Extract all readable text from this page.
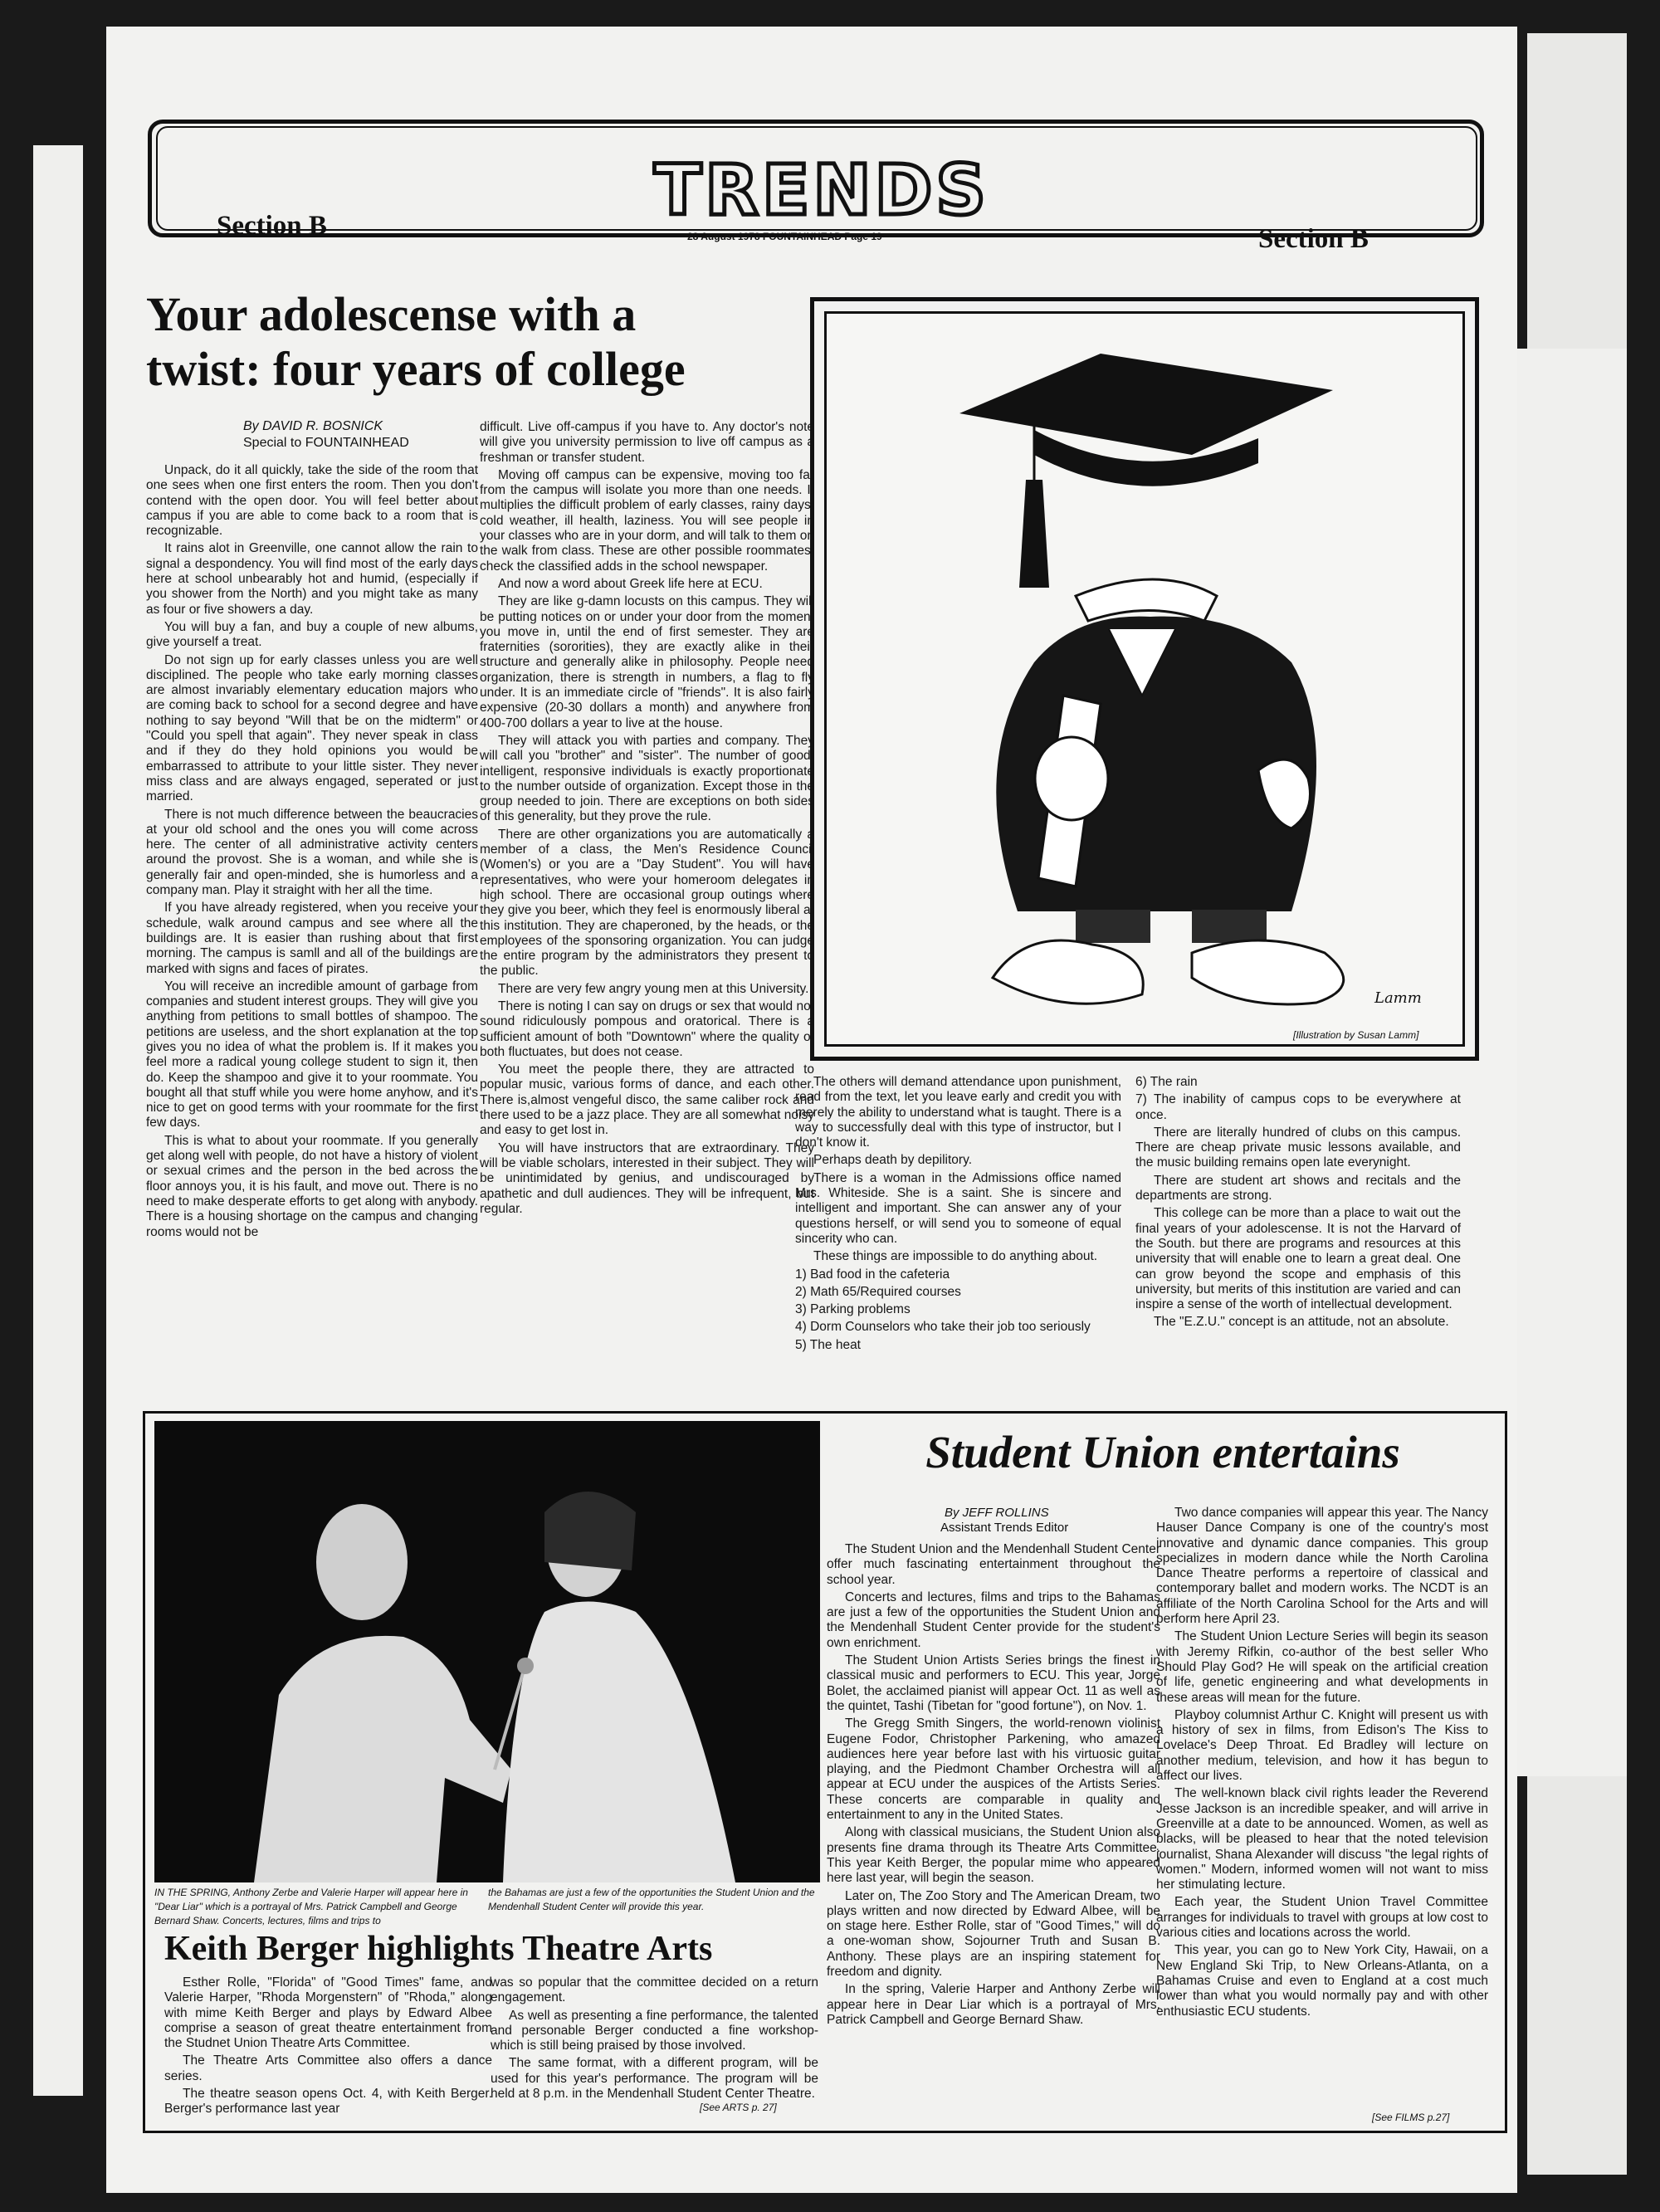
TRENDS
28 August 1978 FOUNTAINHEAD Page 19
Section B	Section B
Your adolescense with a
twist: four years of college
By DAVID R. BOSNICK
Special to FOUNTAINHEAD

Unpack, do it all quickly, take the side of the room that one sees when one first enters the room. Then you don't contend with the open door. You will feel better about campus if you are able to come back to a room that is recognizable.

It rains alot in Greenville, one cannot allow the rain to signal a despondency. You will find most of the early days here at school unbearably hot and humid, (especially if you shower from the North) and you might take as many as four or five showers a day.

You will buy a fan, and buy a couple of new albums, give yourself a treat.

Do not sign up for early classes unless you are well disciplined. The people who take early morning classes are almost invariably elementary education majors who are coming back to school for a second degree and have nothing to say beyond "Will that be on the midterm" or "Could you spell that again". They never speak in class and if they do they hold opinions you would be embarrassed to attribute to your little sister. They never miss class and are always engaged, seperated or just married.

There is not much difference between the beaucracies at your old school and the ones you will come across here. The center of all administrative activity centers around the provost. She is a woman, and while she is generally fair and open-minded, she is humorless and a company man. Play it straight with her all the time.

If you have already registered, when you receive your schedule, walk around campus and see where all the buildings are. It is easier than rushing about that first morning. The campus is samll and all of the buildings are marked with signs and faces of pirates.

You will receive an incredible amount of garbage from companies and student interest groups. They will give you anything from petitions to small bottles of shampoo. The petitions are useless, and the short explanation at the top gives you no idea of what the problem is. If it makes you feel more a radical young college student to sign it, then do. Keep the shampoo and give it to your roommate. You bought all that stuff while you were home anyhow, and it's nice to get on good terms with your roommate for the first few days.

This is what to about your roommate. If you generally get along well with people, do not have a history of violent or sexual crimes and the person in the bed across the floor annoys you, it is his fault, and move out. There is no need to make desperate efforts to get along with anybody. There is a housing shortage on the campus and changing rooms would not be

difficult. Live off-campus if you have to. Any doctor's note will give you university permission to live off campus as a freshman or transfer student.

Moving off campus can be expensive, moving too far from the campus will isolate you more than one needs. It multiplies the difficult problem of early classes, rainy days, cold weather, ill health, laziness. You will see people in your classes who are in your dorm, and will talk to them on the walk from class. These are other possible roommates; check the classified adds in the school newspaper.

And now a word about Greek life here at ECU.

They are like g-damn locusts on this campus. They will be putting notices on or under your door from the moment you move in, until the end of first semester. They are fraternities (sororities), they are exactly alike in their structure and generally alike in philosophy. People need organization, there is strength in numbers, a flag to fly under. It is an immediate circle of "friends". It is also fairly expensive (20-30 dollars a month) and anywhere from 400-700 dollars a year to live at the house.

They will attack you with parties and company. They will call you "brother" and "sister". The number of good, intelligent, responsive individuals is exactly proportionate to the number outside of organization. Except those in the group needed to join. There are exceptions on both sides of this generality, but they prove the rule.

There are other organizations you are automatically a member of a class, the Men's Residence Council (Women's) or you are a "Day Student". You will have representatives, who were your homeroom delegates in high school. There are occasional group outings where they give you beer, which they feel is enormously liberal at this institution. They are chaperoned, by the heads, or the employees of the sponsoring organization. You can judge the entire program by the administrators they present to the public.

There are very few angry young men at this University.

There is noting I can say on drugs or sex that would not sound ridiculously pompous and oratorical. There is a sufficient amount of both "Downtown" where the quality of both fluctuates, but does not cease.

You meet the people there, they are attracted to popular music, various forms of dance, and each other. There is,almost vengeful disco, the same caliber rock and there used to be a jazz place. They are all somewhat noisy and easy to get lost in.

You will have instructors that are extraordinary. They will be viable scholars, interested in their subject. They will be unintimidated by genius, and undiscouraged by apathetic and dull audiences. They will be infrequent, but regular.

Lamm
[Illustration by Susan Lamm]

The others will demand attendance upon punishment, read from the text, let you leave early and credit you with merely the ability to understand what is taught. There is a way to successfully deal with this type of instructor, but I don't know it.

Perhaps death by depilitory.

There is a woman in the Admissions office named Mrs. Whiteside. She is a saint. She is sincere and intelligent and important. She can answer any of your questions herself, or will send you to someone of equal sincerity who can.

These things are impossible to do anything about.

1) Bad food in the cafeteria

2) Math 65/Required courses

3) Parking problems

4) Dorm Counselors who take their job too seriously

5) The heat

6) The rain

7) The inability of campus cops to be everywhere at once.

There are literally hundred of clubs on this campus. There are cheap private music lessons available, and the music building remains open late everynight.

There are student art shows and recitals and the departments are strong.

This college can be more than a place to wait out the final years of your adolescense. It is not the Harvard of the South. but there are programs and resources at this university that will enable one to learn a great deal. One can grow beyond the scope and emphasis of this university, but merits of this institution are varied and can inspire a sense of the worth of intellectual development.

The "E.Z.U." concept is an attitude, not an absolute.

IN THE SPRING, Anthony Zerbe and Valerie Harper will appear here in "Dear Liar" which is a portrayal of Mrs. Patrick Campbell and George Bernard Shaw. Concerts, lectures, films and trips to
the Bahamas are just a few of the opportunities the Student Union and the Mendenhall Student Center will provide this year.
Keith Berger highlights Theatre Arts

Esther Rolle, "Florida" of "Good Times" fame, and Valerie Harper, "Rhoda Morgenstern" of "Rhoda," along with mime Keith Berger and plays by Edward Albee comprise a season of great theatre entertainment from the Studnet Union Theatre Arts Committee.

The Theatre Arts Committee also offers a dance series.

The theatre season opens Oct. 4, with Keith Berger. Berger's performance last year

was so popular that the committee decided on a return engagement.

As well as presenting a fine performance, the talented and personable Berger conducted a fine workshop- which is still being praised by those involved.

The same format, with a different program, will be used for this year's performance. The program will be held at 8 p.m. in the Mendenhall Student Center Theatre.

[See ARTS p. 27]
Student Union entertains
By JEFF ROLLINS
Assistant Trends Editor

The Student Union and the Mendenhall Student Center offer much fascinating entertainment throughout the school year.

Concerts and lectures, films and trips to the Bahamas are just a few of the opportunities the Student Union and the Mendenhall Student Center provide for the student's own enrichment.

The Student Union Artists Series brings the finest in classical music and performers to ECU. This year, Jorge Bolet, the acclaimed pianist will appear Oct. 11 as well as the quintet, Tashi (Tibetan for "good fortune"), on Nov. 1.

The Gregg Smith Singers, the world-renown violinist Eugene Fodor, Christopher Parkening, who amazed audiences here year before last with his virtuosic guitar playing, and the Piedmont Chamber Orchestra will all appear at ECU under the auspices of the Artists Series. These concerts are comparable in quality and entertainment to any in the United States.

Along with classical musicians, the Student Union also presents fine drama through its Theatre Arts Committee. This year Keith Berger, the popular mime who appeared here last year, will begin the season.

Later on, The Zoo Story and The American Dream, two plays written and now directed by Edward Albee, will be on stage here. Esther Rolle, star of "Good Times," will do a one-woman show, Sojourner Truth and Susan B. Anthony. These plays are an inspiring statement for freedom and dignity.

In the spring, Valerie Harper and Anthony Zerbe will appear here in Dear Liar which is a portrayal of Mrs. Patrick Campbell and George Bernard Shaw.

Two dance companies will appear this year. The Nancy Hauser Dance Company is one of the country's most innovative and dynamic dance companies. This group specializes in modern dance while the North Carolina Dance Theatre performs a repertoire of classical and contemporary ballet and modern works. The NCDT is an affiliate of the North Carolina School for the Arts and will perform here April 23.

The Student Union Lecture Series will begin its season with Jeremy Rifkin, co-author of the best seller Who Should Play God? He will speak on the artificial creation of life, genetic engineering and what developments in these areas will mean for the future.

Playboy columnist Arthur C. Knight will present us with a history of sex in films, from Edison's The Kiss to Lovelace's Deep Throat. Ed Bradley will lecture on another medium, television, and how it has begun to affect our lives.

The well-known black civil rights leader the Reverend Jesse Jackson is an incredible speaker, and will arrive in Greenville at a date to be announced. Women, as well as blacks, will be pleased to hear that the noted television journalist, Shana Alexander will discuss "the legal rights of women." Modern, informed women will not want to miss her stimulating lecture.

Each year, the Student Union Travel Committee arranges for individuals to travel with groups at low cost to various cities and locations across the world.

This year, you can go to New York City, Hawaii, on a New England Ski Trip, to New Orleans-Atlanta, on a Bahamas Cruise and even to England at a cost much lower than what you would normally pay and with other enthusiastic ECU students.

[See FILMS p.27]
